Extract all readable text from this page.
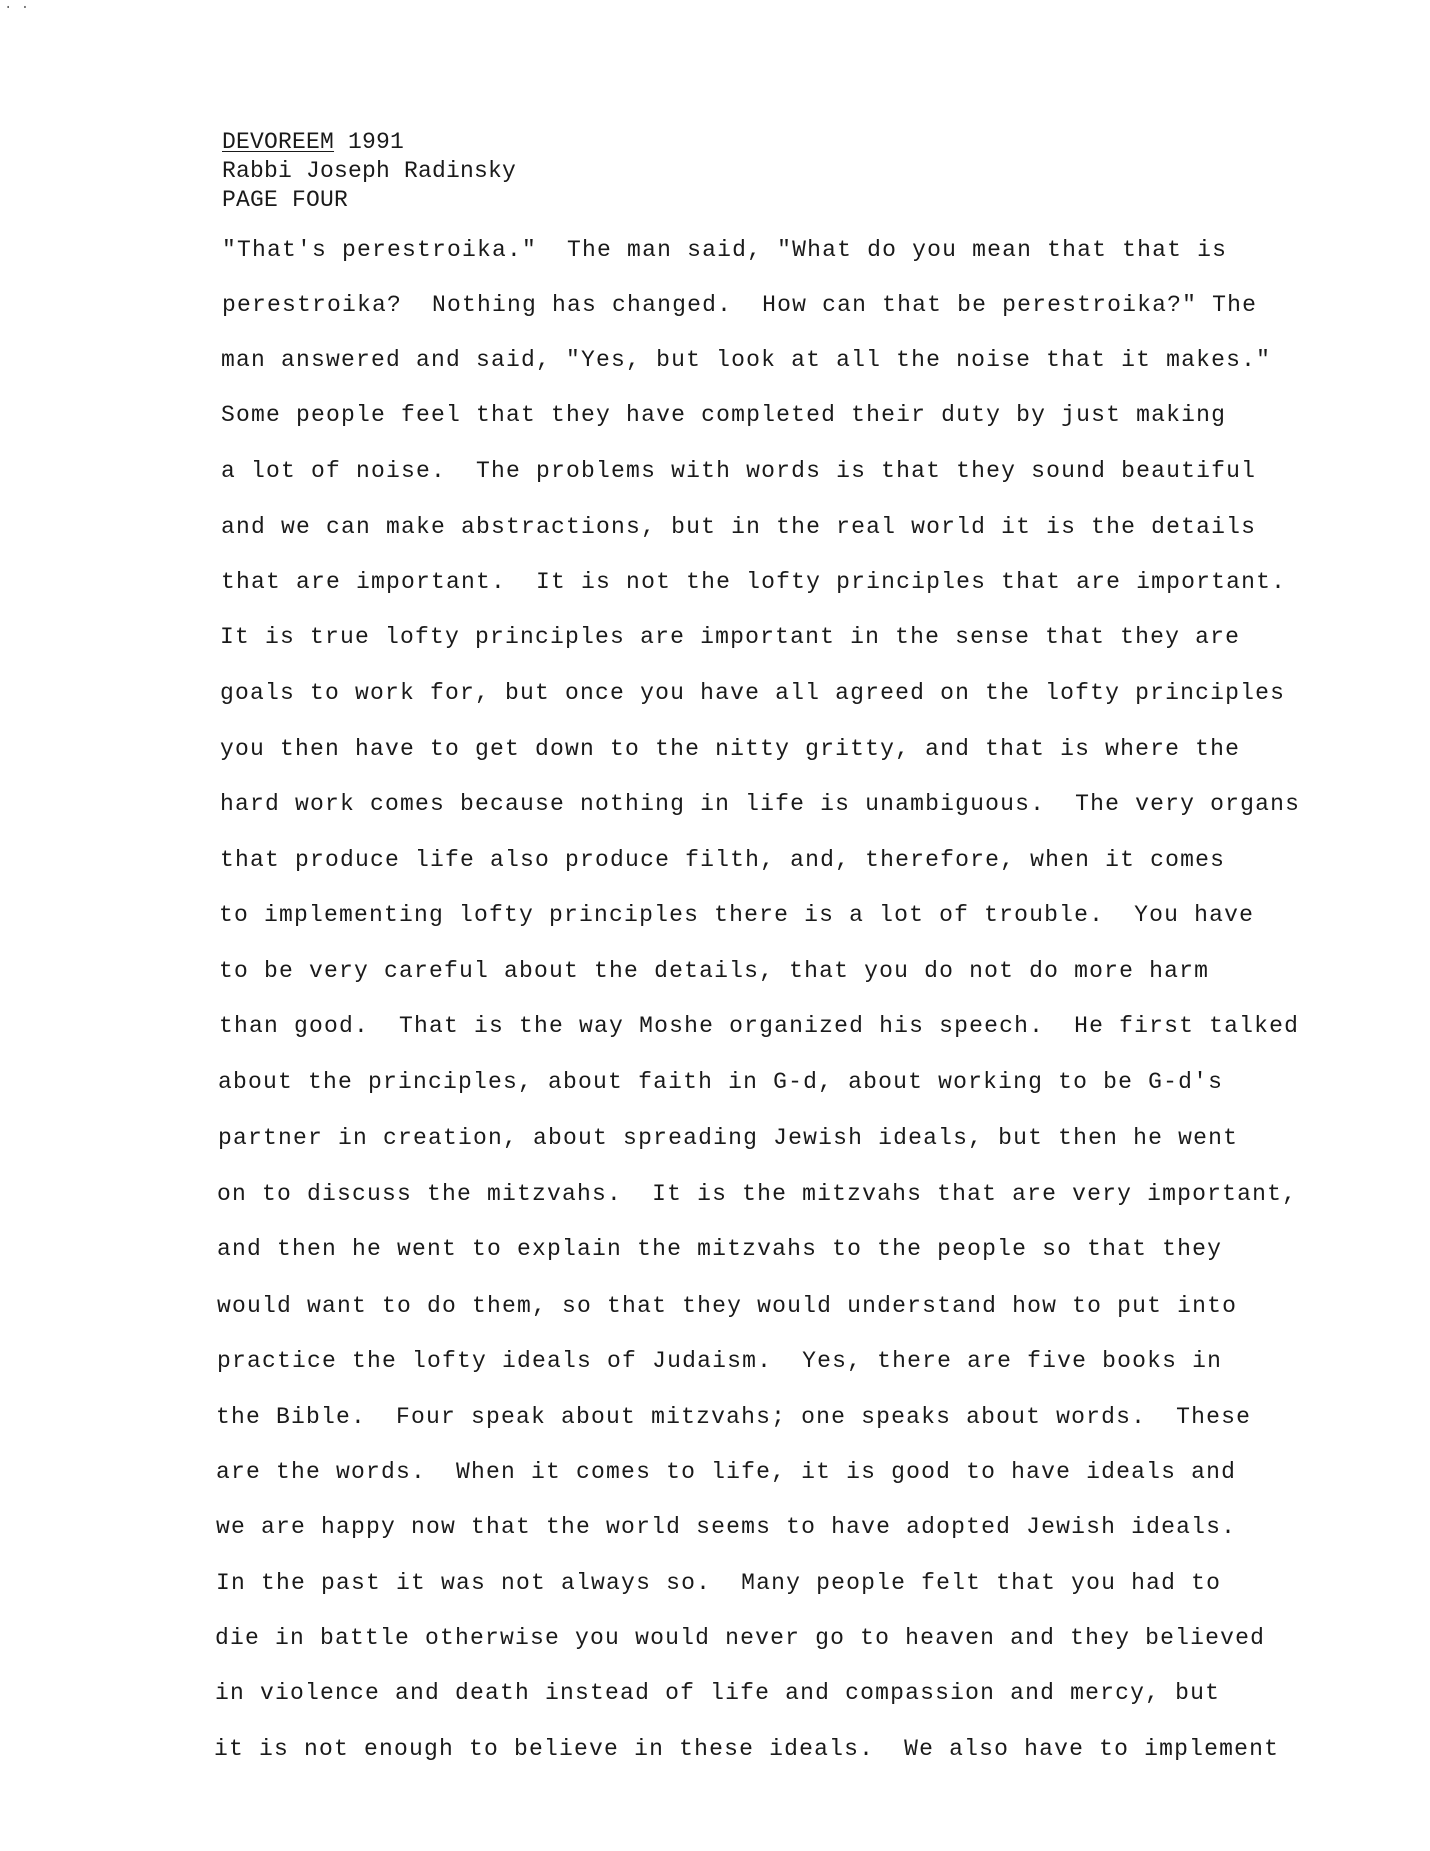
· ·
DEVOREEM 1991
Rabbi Joseph Radinsky
PAGE FOUR
"That's perestroika."  The man said, "What do you mean that that is
perestroika?  Nothing has changed.  How can that be perestroika?" The
man answered and said, "Yes, but look at all the noise that it makes."
Some people feel that they have completed their duty by just making
a lot of noise.  The problems with words is that they sound beautiful
and we can make abstractions, but in the real world it is the details
that are important.  It is not the lofty principles that are important.
It is true lofty principles are important in the sense that they are
goals to work for, but once you have all agreed on the lofty principles
you then have to get down to the nitty gritty, and that is where the
hard work comes because nothing in life is unambiguous.  The very organs
that produce life also produce filth, and, therefore, when it comes
to implementing lofty principles there is a lot of trouble.  You have
to be very careful about the details, that you do not do more harm
than good.  That is the way Moshe organized his speech.  He first talked
about the principles, about faith in G-d, about working to be G-d's
partner in creation, about spreading Jewish ideals, but then he went
on to discuss the mitzvahs.  It is the mitzvahs that are very important,
and then he went to explain the mitzvahs to the people so that they
would want to do them, so that they would understand how to put into
practice the lofty ideals of Judaism.  Yes, there are five books in
the Bible.  Four speak about mitzvahs; one speaks about words.  These
are the words.  When it comes to life, it is good to have ideals and
we are happy now that the world seems to have adopted Jewish ideals.
In the past it was not always so.  Many people felt that you had to
die in battle otherwise you would never go to heaven and they believed
in violence and death instead of life and compassion and mercy, but
it is not enough to believe in these ideals.  We also have to implement
